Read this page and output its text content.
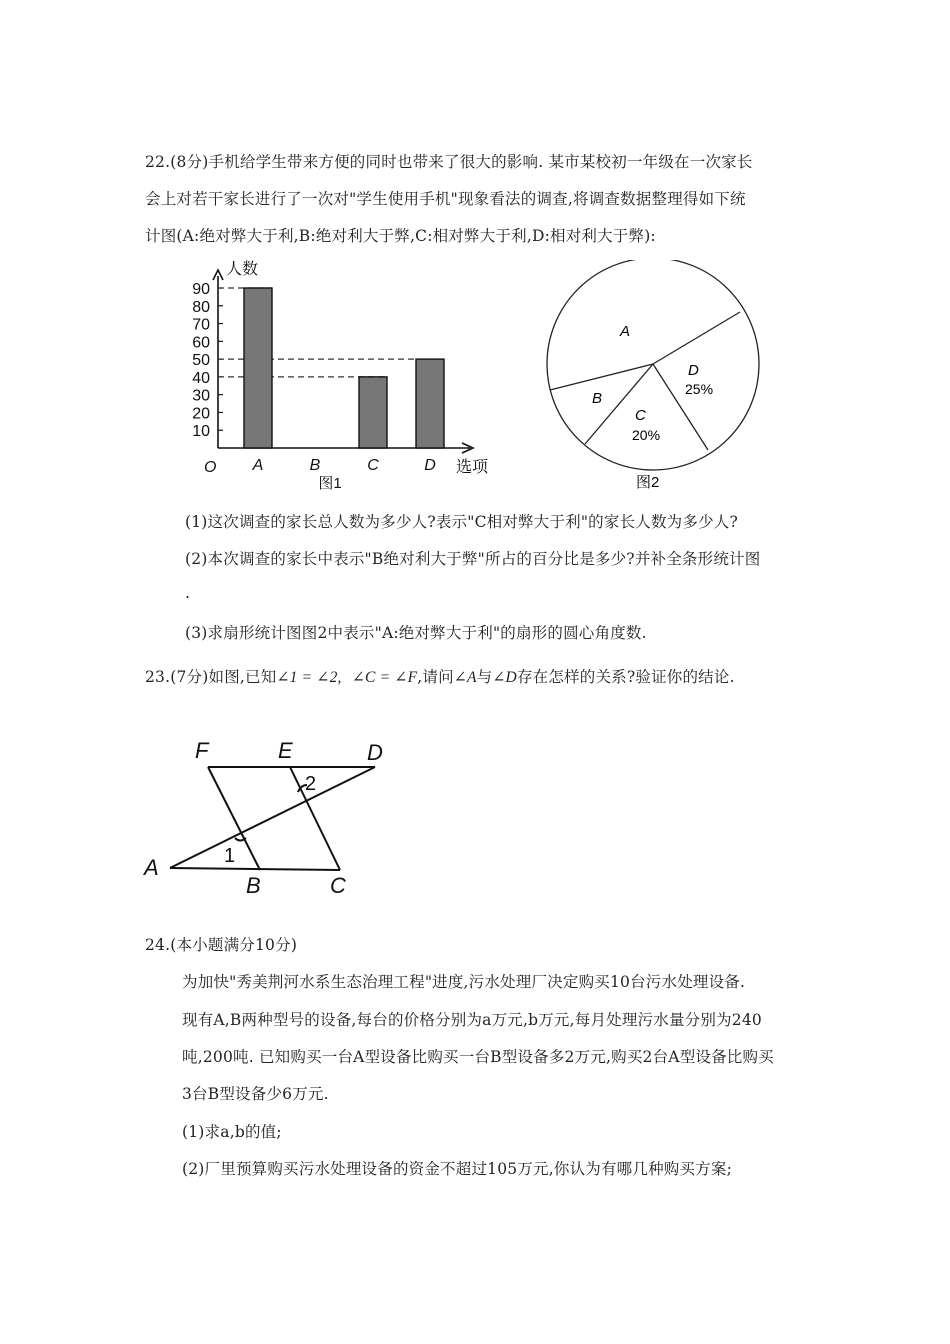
22.(8分)手机给学生带来方便的同时也带来了很大的影响. 某市某校初一年级在一次家长
会上对若干家长进行了一次对"学生使用手机"现象看法的调查,将调查数据整理得如下统
计图(A:绝对弊大于利,B:绝对利大于弊,C:相对弊大于利,D:相对利大于弊):
10
20
30
40
50
60
70
80
90
A	B	C	D
人数
选项
O
图1
A
B
C
20%
D
25%
图2
(1)这次调查的家长总人数为多少人?表示"C相对弊大于利"的家长人数为多少人?
(2)本次调查的家长中表示"B绝对利大于弊"所占的百分比是多少?并补全条形统计图
.
(3)求扇形统计图图2中表示"A:绝对弊大于利"的扇形的圆心角度数.
23.(7分)如图,已知∠1 = ∠2, ∠C = ∠F,请问∠A与∠D存在怎样的关系?验证你的结论.
F	E	D
A
B	C
1
2
24.(本小题满分10分)
为加快"秀美荆河水系生态治理工程"进度,污水处理厂决定购买10台污水处理设备.
现有A,B两种型号的设备,每台的价格分别为a万元,b万元,每月处理污水量分别为240
吨,200吨. 已知购买一台A型设备比购买一台B型设备多2万元,购买2台A型设备比购买
3台B型设备少6万元.
(1)求a,b的值;
(2)厂里预算购买污水处理设备的资金不超过105万元,你认为有哪几种购买方案;
